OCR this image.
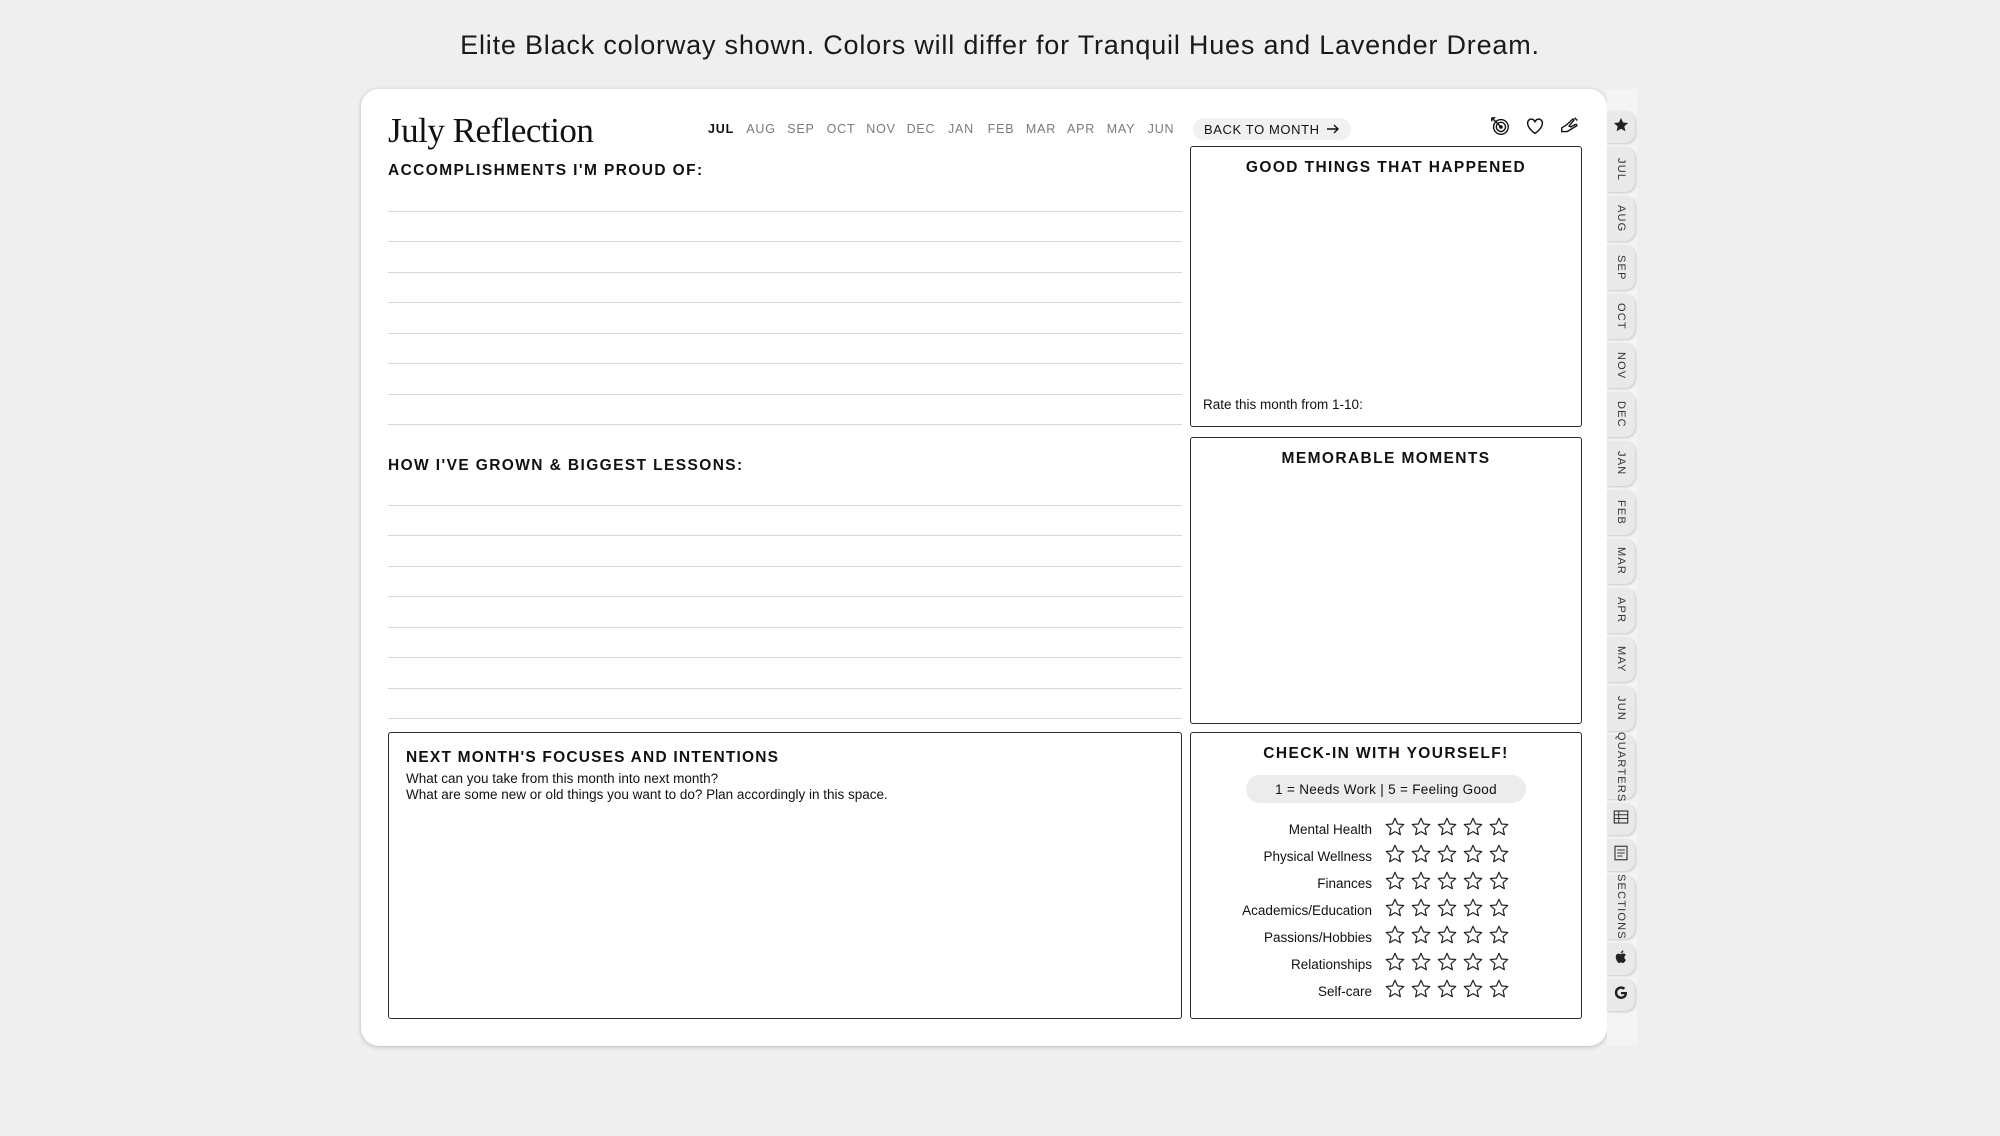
Elite Black colorway shown. Colors will differ for Tranquil Hues and Lavender Dream.
July Reflection	JUL AUG SEP OCT NOV DEC	JAN	FEB MAR APR MAY JUN	BACK TO MONTH
ACCOMPLISHMENTS I'M PROUD OF:
HOW I'VE GROWN & BIGGEST LESSONS:
GOOD THINGS THAT HAPPENED
Rate this month from 1-10:
MEMORABLE MOMENTS
NEXT MONTH'S FOCUSES AND INTENTIONS
What can you take from this month into next month?
What are some new or old things you want to do? Plan accordingly in this space.
CHECK-IN WITH YOURSELF!
1 = Needs Work | 5 = Feeling Good
Mental Health
Physical Wellness
Finances
Academics/Education
Passions/Hobbies
Relationships
Self-care
JUL
AUG
SEP
OCT
NOV
DEC
JAN
FEB
MAR
APR
MAY
JUN
QUARTERS
SECTIONS
